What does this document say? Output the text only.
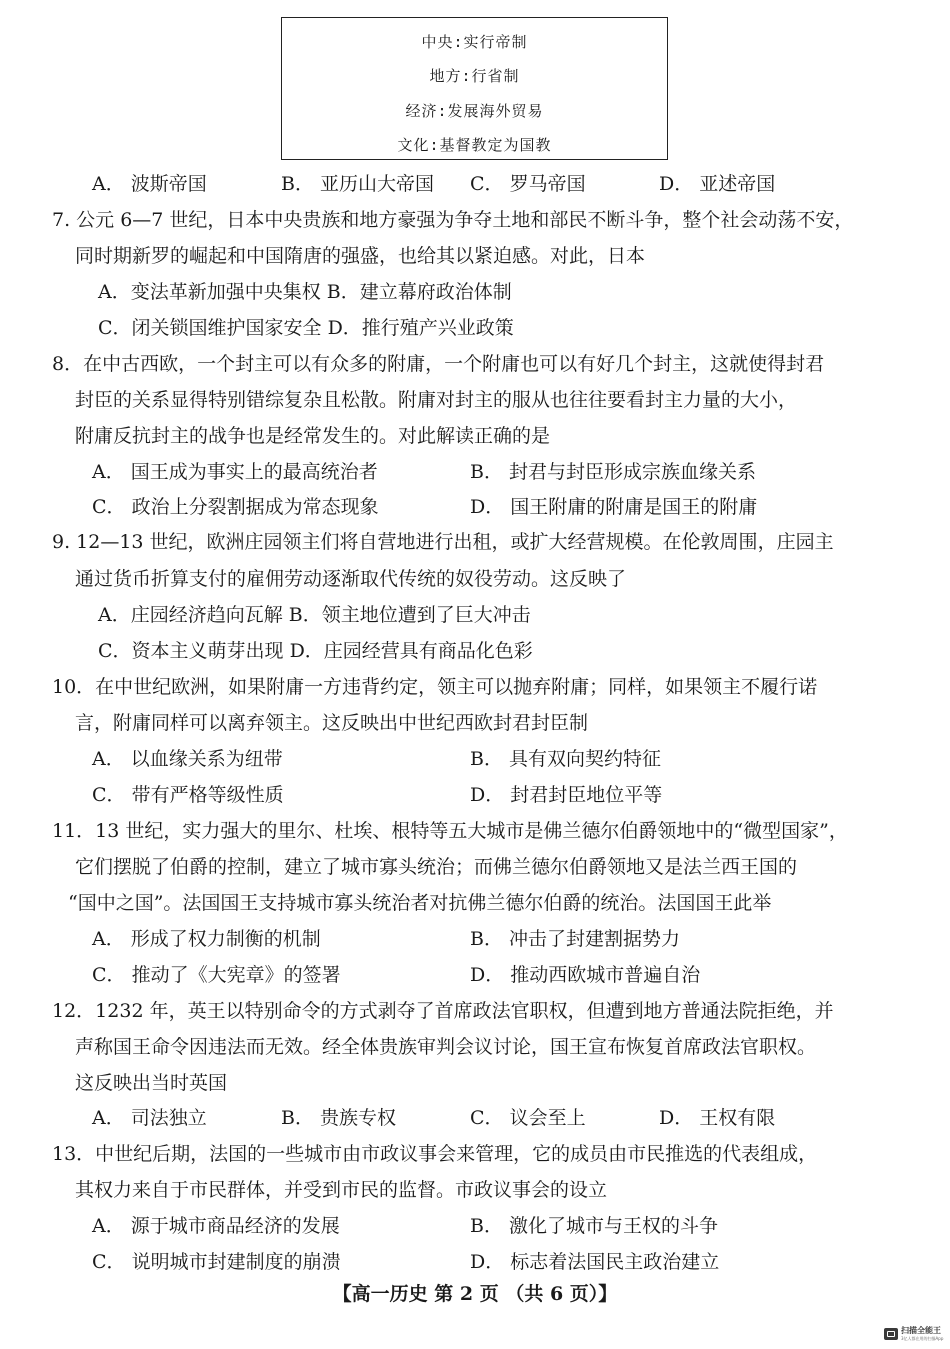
中央:实行帝制
地方:行省制
经济:发展海外贸易
文化:基督教定为国教
A． 波斯帝国	B． 亚历山大帝国 C． 罗马帝国	D． 亚述帝国
7. 公元 6—7 世纪，日本中央贵族和地方豪强为争夺土地和部民不断斗争，整个社会动荡不安，
同时期新罗的崛起和中国隋唐的强盛，也给其以紧迫感。对此，日本
A．变法革新加强中央集权 B．建立幕府政治体制
C．闭关锁国维护国家安全 D．推行殖产兴业政策
8．在中古西欧，一个封主可以有众多的附庸，一个附庸也可以有好几个封主，这就使得封君
封臣的关系显得特别错综复杂且松散。附庸对封主的服从也往往要看封主力量的大小，
附庸反抗封主的战争也是经常发生的。对此解读正确的是
A． 国王成为事实上的最高统治者	B． 封君与封臣形成宗族血缘关系
C． 政治上分裂割据成为常态现象	D． 国王附庸的附庸是国王的附庸
9. 12—13 世纪，欧洲庄园领主们将自营地进行出租，或扩大经营规模。在伦敦周围，庄园主
通过货币折算支付的雇佣劳动逐渐取代传统的奴役劳动。这反映了
A．庄园经济趋向瓦解 B．领主地位遭到了巨大冲击
C．资本主义萌芽出现 D．庄园经营具有商品化色彩
10．在中世纪欧洲，如果附庸一方违背约定，领主可以抛弃附庸；同样，如果领主不履行诺
言，附庸同样可以离弃领主。这反映出中世纪西欧封君封臣制
A． 以血缘关系为纽带	B． 具有双向契约特征
C． 带有严格等级性质	D． 封君封臣地位平等
11．13 世纪，实力强大的里尔、杜埃、根特等五大城市是佛兰德尔伯爵领地中的“微型国家”，
它们摆脱了伯爵的控制，建立了城市寡头统治；而佛兰德尔伯爵领地又是法兰西王国的
“国中之国”。法国国王支持城市寡头统治者对抗佛兰德尔伯爵的统治。法国国王此举
A． 形成了权力制衡的机制	B． 冲击了封建割据势力
C． 推动了《大宪章》的签署	D． 推动西欧城市普遍自治
12．1232 年，英王以特别命令的方式剥夺了首席政法官职权，但遭到地方普通法院拒绝，并
声称国王命令因违法而无效。经全体贵族审判会议讨论，国王宣布恢复首席政法官职权。
这反映出当时英国
A． 司法独立	B． 贵族专权	C． 议会至上	D． 王权有限
13．中世纪后期，法国的一些城市由市政议事会来管理，它的成员由市民推选的代表组成，
其权力来自于市民群体，并受到市民的监督。市政议事会的设立
A． 源于城市商品经济的发展	B． 激化了城市与王权的斗争
C． 说明城市封建制度的崩溃	D． 标志着法国民主政治建立
【高一历史 第 2 页 （共 6 页）】
扫描全能王
3亿人都在用的扫描App
